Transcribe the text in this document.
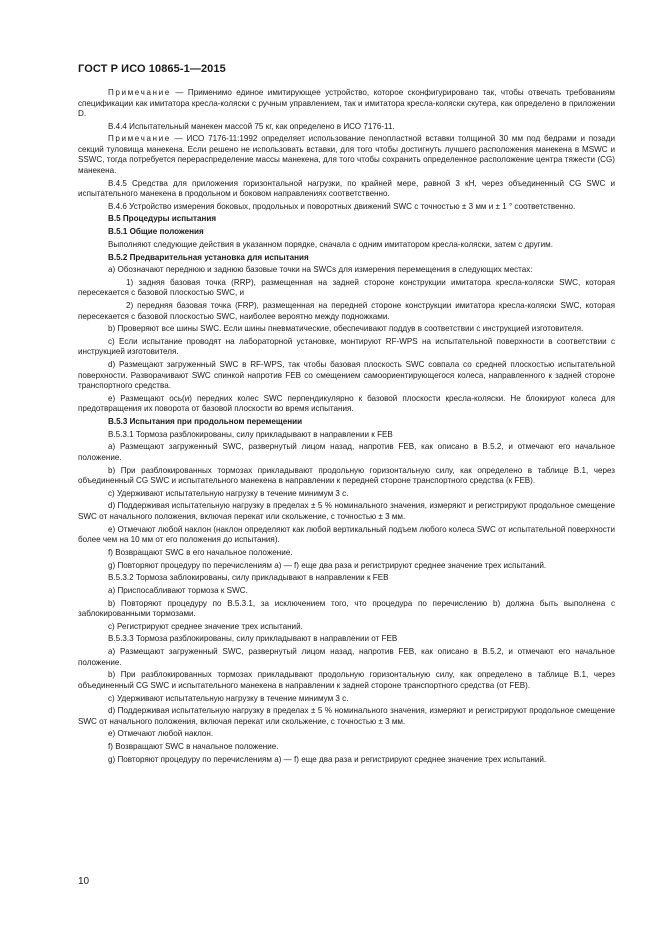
ГОСТ Р ИСО 10865-1—2015

Примечание — Применимо единое имитирующее устройство, которое сконфигурировано так, чтобы отвечать требованиям спецификации как имитатора кресла-коляски с ручным управлением, так и имитатора кресла-коляски скутера, как определено в приложении D.

B.4.4 Испытательный манекен массой 75 кг, как определено в ИСО 7176-11.

Примечание — ИСО 7176-11:1992 определяет использование пенопластной вставки толщиной 30 мм под бедрами и позади секций туловища манекена. Если решено не использовать вставки, для того чтобы достигнуть лучшего расположения манекена в MSWC и SSWC, тогда потребуется перераспределение массы манекена, для того чтобы сохранить определенное расположение центра тяжести (CG) манекена.

B.4.5 Средства для приложения горизонтальной нагрузки, по крайней мере, равной 3 кН, через объединенный CG SWC и испытательного манекена в продольном и боковом направлениях соответственно.

B.4.6 Устройство измерения боковых, продольных и поворотных движений SWC с точностью ± 3 мм и ± 1 ° соответственно.

B.5 Процедуры испытания

B.5.1 Общие положения

Выполняют следующие действия в указанном порядке, сначала с одним имитатором кресла-коляски, затем с другим.

B.5.2 Предварительная установка для испытания

а) Обозначают переднюю и заднюю базовые точки на SWCs для измерения перемещения в следующих местах:

1) задняя базовая точка (RRP), размещенная на задней стороне конструкции имитатора кресла-коляски SWC, которая пересекается с базовой плоскостью SWC, и

2) передняя базовая точка (FRP), размещенная на передней стороне конструкции имитатора кресла-коляски SWC, которая пересекается с базовой плоскостью SWC, наиболее вероятно между подножками.

b) Проверяют все шины SWC. Если шины пневматические, обеспечивают поддув в соответствии с инструкцией изготовителя.

c) Если испытание проводят на лабораторной установке, монтируют RF-WPS на испытательной поверхности в соответствии с инструкцией изготовителя.

d) Размещают загруженный SWC в RF-WPS, так чтобы базовая плоскость SWC совпала со средней плоскостью испытательной поверхности. Разворачивают SWC спинкой напротив FEB со смещением самоориентирующегося колеса, направленного к задней стороне транспортного средства.

e) Размещают ось(и) передних колес SWC перпендикулярно к базовой плоскости кресла-коляски. Не блокируют колеса для предотвращения их поворота от базовой плоскости во время испытания.

B.5.3 Испытания при продольном перемещении

B.5.3.1 Тормоза разблокированы, силу прикладывают в направлении к FEB

а) Размещают загруженный SWC, развернутый лицом назад, напротив FEB, как описано в B.5.2, и отмечают его начальное положение.

b) При разблокированных тормозах прикладывают продольную горизонтальную силу, как определено в таблице B.1, через объединенный CG SWC и испытательного манекена в направлении к передней стороне транспортного средства (к FEB).

c) Удерживают испытательную нагрузку в течение минимум 3 с.

d) Поддерживая испытательную нагрузку в пределах ± 5 % номинального значения, измеряют и регистрируют продольное смещение SWC от начального положения, включая перекат или скольжение, с точностью ± 3 мм.

e) Отмечают любой наклон (наклон определяют как любой вертикальный подъем любого колеса SWC от испытательной поверхности более чем на 10 мм от его положения до испытания).

f) Возвращают SWC в его начальное положение.

g) Повторяют процедуру по перечислениям a) — f) еще два раза и регистрируют среднее значение трех испытаний.

B.5.3.2 Тормоза заблокированы, силу прикладывают в направлении к FEB

а) Приспосабливают тормоза к SWC.

b) Повторяют процедуру по B.5.3.1, за исключением того, что процедура по перечислению b) должна быть выполнена с заблокированными тормозами.

c) Регистрируют среднее значение трех испытаний.

B.5.3.3 Тормоза разблокированы, силу прикладывают в направлении от FEB

а) Размещают загруженный SWC, развернутый лицом назад, напротив FEB, как описано в B.5.2, и отмечают его начальное положение.

b) При разблокированных тормозах прикладывают продольную горизонтальную силу, как определено в таблице B.1, через объединенный CG SWC и испытательного манекена в направлении к задней стороне транспортного средства (от FEB).

c) Удерживают испытательную нагрузку в течение минимум 3 с.

d) Поддерживая испытательную нагрузку в пределах ± 5 % номинального значения, измеряют и регистрируют продольное смещение SWC от начального положения, включая перекат или скольжение, с точностью ± 3 мм.

e) Отмечают любой наклон.

f) Возвращают SWC в начальное положение.

g) Повторяют процедуру по перечислениям a) — f) еще два раза и регистрируют среднее значение трех испытаний.

10
